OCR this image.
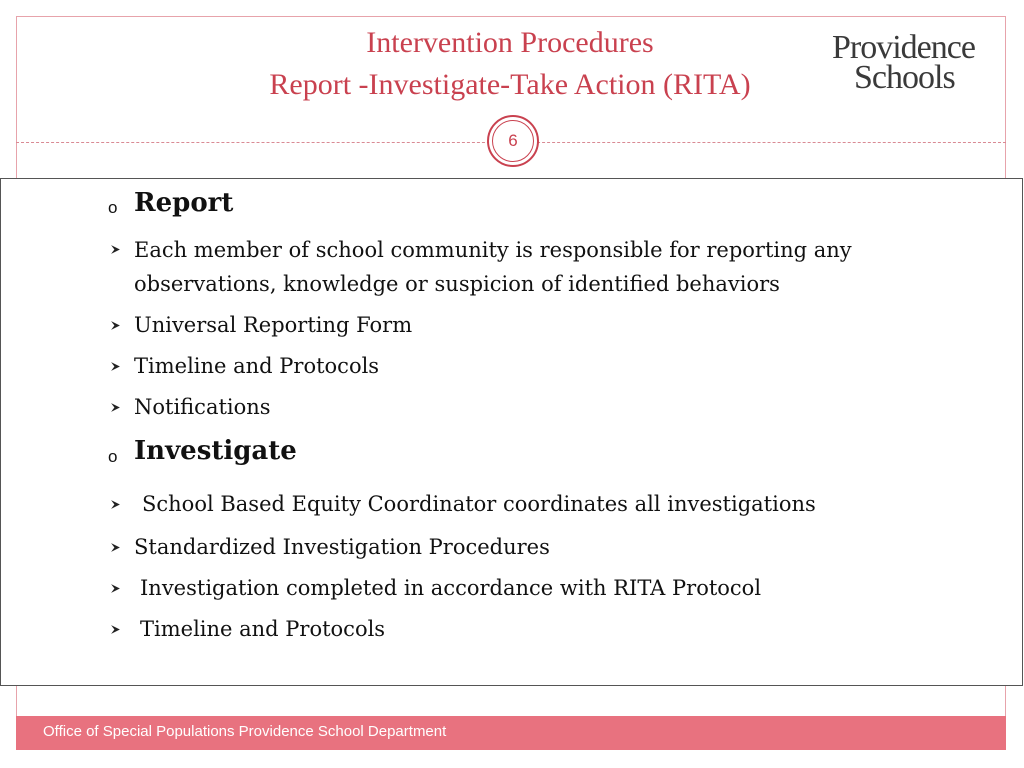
Intervention Procedures
Report -Investigate-Take Action (RITA)
Providence
Schools
6
o Report
Each member of school community is responsible for reporting any
observations, knowledge or suspicion of identified behaviors
Universal Reporting Form
Timeline and Protocols
Notifications
o Investigate
School Based Equity Coordinator coordinates all investigations
Standardized Investigation Procedures
Investigation completed in accordance with RITA Protocol
Timeline and Protocols
Office of Special Populations Providence School Department
